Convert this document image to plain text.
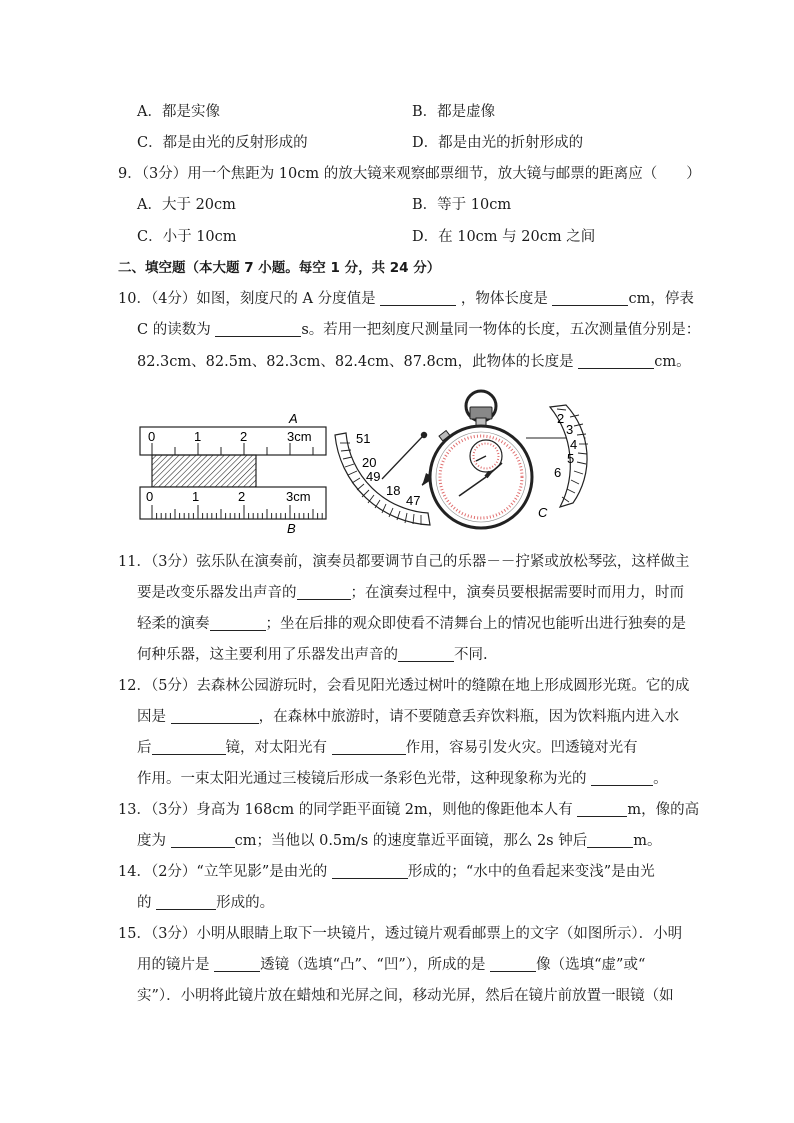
A．都是实像	B．都是虚像
C．都是由光的反射形成的	D．都是由光的折射形成的
9．（3分）用一个焦距为 10cm 的放大镜来观察邮票细节，放大镜与邮票的距离应（　　）
A．大于 20cm	B．等于 10cm
C．小于 10cm	D．在 10cm 与 20cm 之间
二、填空题（本大题 7 小题。每空 1 分，共 24 分）
10．（4分）如图，刻度尺的 A 分度值是	，物体长度是	cm，停表
C 的读数为	s。若用一把刻度尺测量同一物体的长度，五次测量值分别是：
82.3cm、82.5m、82.3cm、82.4cm、87.8cm，此物体的长度是	cm。
0	1	2	3cm
A
0	1	2	3cm
B
51
20
49
18
47
C
2
3
4
5
6
11．（3分）弦乐队在演奏前，演奏员都要调节自己的乐器－－拧紧或放松琴弦，这样做主
要是改变乐器发出声音的	；在演奏过程中，演奏员要根据需要时而用力，时而
轻柔的演奏	；坐在后排的观众即使看不清舞台上的情况也能听出进行独奏的是
何种乐器，这主要利用了乐器发出声音的	不同.
12．（5分）去森林公园游玩时，会看见阳光透过树叶的缝隙在地上形成圆形光斑。它的成
因是	，在森林中旅游时，请不要随意丢弃饮料瓶，因为饮料瓶内进入水
后	镜，对太阳光有	作用，容易引发火灾。凹透镜对光有
作用。一束太阳光通过三棱镜后形成一条彩色光带，这种现象称为光的	。
13．（3分）身高为 168cm 的同学距平面镜 2m，则他的像距他本人有	m，像的高
度为	cm；当他以 0.5m/s 的速度靠近平面镜，那么 2s 钟后	m。
14．（2分）“立竿见影”是由光的	形成的；“水中的鱼看起来变浅”是由光
的	形成的。
15．（3分）小明从眼睛上取下一块镜片，透过镜片观看邮票上的文字（如图所示）．小明
用的镜片是	透镜（选填“凸”、“凹”），所成的是	像（选填“虚”或“
实”）．小明将此镜片放在蜡烛和光屏之间，移动光屏，然后在镜片前放置一眼镜（如
